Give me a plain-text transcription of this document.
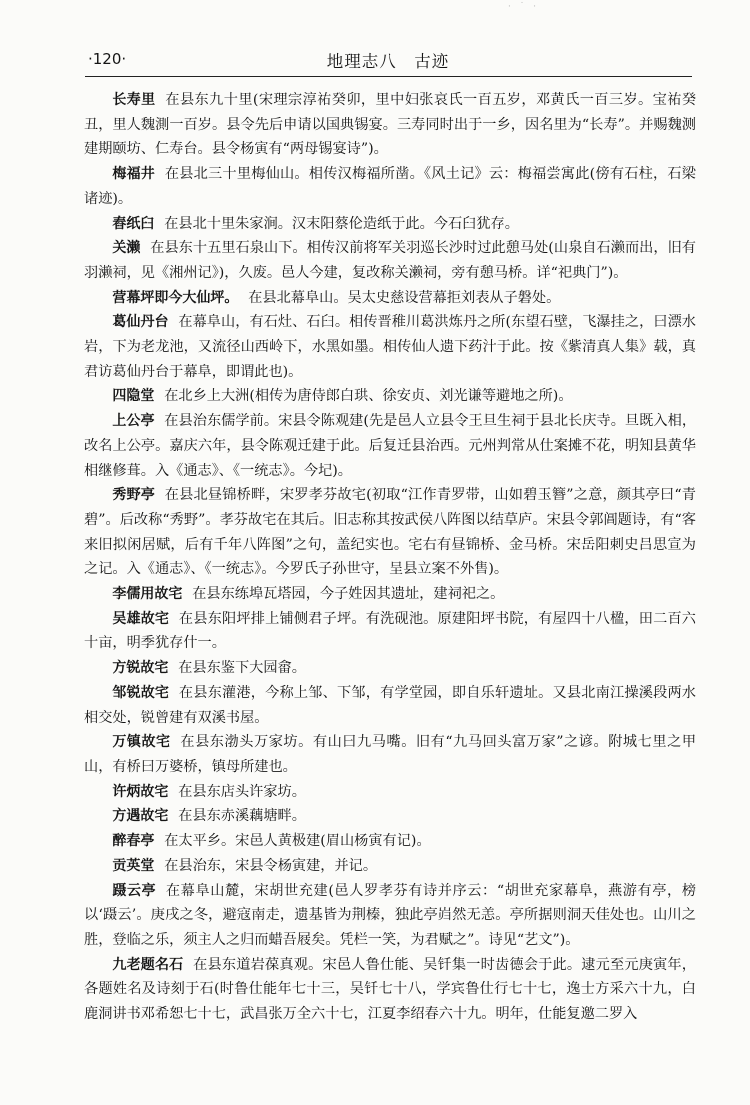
· ˙ ·
·120·	地理志八　古迹

长寿里 在县东九十里(宋理宗淳祐癸卯，里中妇张哀氏一百五岁，邓黄氏一百三岁。宝祐癸丑，里人魏測一百岁。县令先后申请以国典锡宴。三寿同时出于一乡，因名里为“长寿”。并赐魏测建期颐坊、仁寿台。县令杨寅有“两母锡宴诗”)。

梅福井 在县北三十里梅仙山。相传汉梅福所凿。《风土记》云：梅福尝寓此(傍有石柱，石梁诸迹)。

舂纸臼 在县北十里朱家涧。汉末阳蔡伦造纸于此。今石臼犹存。

关濑 在县东十五里石泉山下。相传汉前将军关羽巡长沙时过此憩马处(山泉自石濑而出，旧有羽濑祠，见《湘州记》)，久废。邑人今建，复改称关濑祠，旁有憩马桥。详“祀典门”)。

营幕坪即今大仙坪。 在县北幕阜山。吴太史慈设营幕拒刘表从子磐处。

葛仙丹台 在幕阜山，有石灶、石臼。相传晋稚川葛洪炼丹之所(东望石壁，飞瀑挂之，曰漂水岩，下为老龙池，又流径山西岭下，水黑如墨。相传仙人遗下药汁于此。按《紫清真人集》载，真君访葛仙丹台于幕阜，即谓此也)。

四隐堂 在北乡上大洲(相传为唐侍郎白珙、徐安贞、刘光谦等避地之所)。

上公亭 在县治东儒学前。宋县令陈观建(先是邑人立县令王旦生祠于县北长庆寺。旦既入相，改名上公亭。嘉庆六年，县令陈观迁建于此。后复迁县治西。元州判常从仕案摊不花，明知县黄华相继修葺。入《通志》、《一统志》。今圮)。

秀野亭 在县北昼锦桥畔，宋罗孝芬故宅(初取“江作青罗带，山如碧玉簪”之意，颜其亭曰“青碧”。后改称“秀野”。孝芬故宅在其后。旧志称其按武侯八阵图以结草庐。宋县令郭阊题诗，有“客来旧拟闲居赋，后有千年八阵图”之句，盖纪实也。宅右有昼锦桥、金马桥。宋岳阳刺史吕思宣为之记。入《通志》、《一统志》。今罗氏子孙世守，呈县立案不外售)。

李儒用故宅 在县东练埠瓦塔园，今子姓因其遗址，建祠祀之。

吴雄故宅 在县东阳坪排上铺侧君子坪。有洗砚池。原建阳坪书院，有屋四十八楹，田二百六十亩，明季犹存什一。

方锐故宅 在县东鉴下大园畲。

邹锐故宅 在县东灌港，今称上邹、下邹，有学堂园，即自乐轩遗址。又县北南江操溪段两水相交处，锐曾建有双溪书屋。

万镇故宅 在县东渤头万家坊。有山曰九马嘴。旧有“九马回头富万家”之谚。附城七里之甲山，有桥曰万婆桥，镇母所建也。

许炳故宅 在县东店头许家坊。

方遇故宅 在县东赤溪藕塘畔。

醉春亭 在太平乡。宋邑人黄极建(眉山杨寅有记)。

贡英堂 在县治东，宋县令杨寅建，并记。

蹑云亭 在幕阜山麓，宋胡世充建(邑人罗孝芬有诗并序云：“胡世充家幕阜，燕游有亭，榜以‘蹑云’。庚戌之冬，避寇南走，遗基皆为荆榛，独此亭岿然无恙。亭所据则洞天佳处也。山川之胜，登临之乐，须主人之归而蜡吾屐矣。凭栏一笑，为君赋之”。诗见“艺文”)。

九老题名石 在县东道岩葆真观。宋邑人鲁仕能、吴钎集一时齿德会于此。逮元至元庚寅年，各题姓名及诗刻于石(时鲁仕能年七十三，吴钎七十八，学宾鲁仕行七十七，逸士方采六十九，白鹿洞讲书邓希恕七十七，武昌张万全六十七，江夏李绍春六十九。明年，仕能复邀二罗入
